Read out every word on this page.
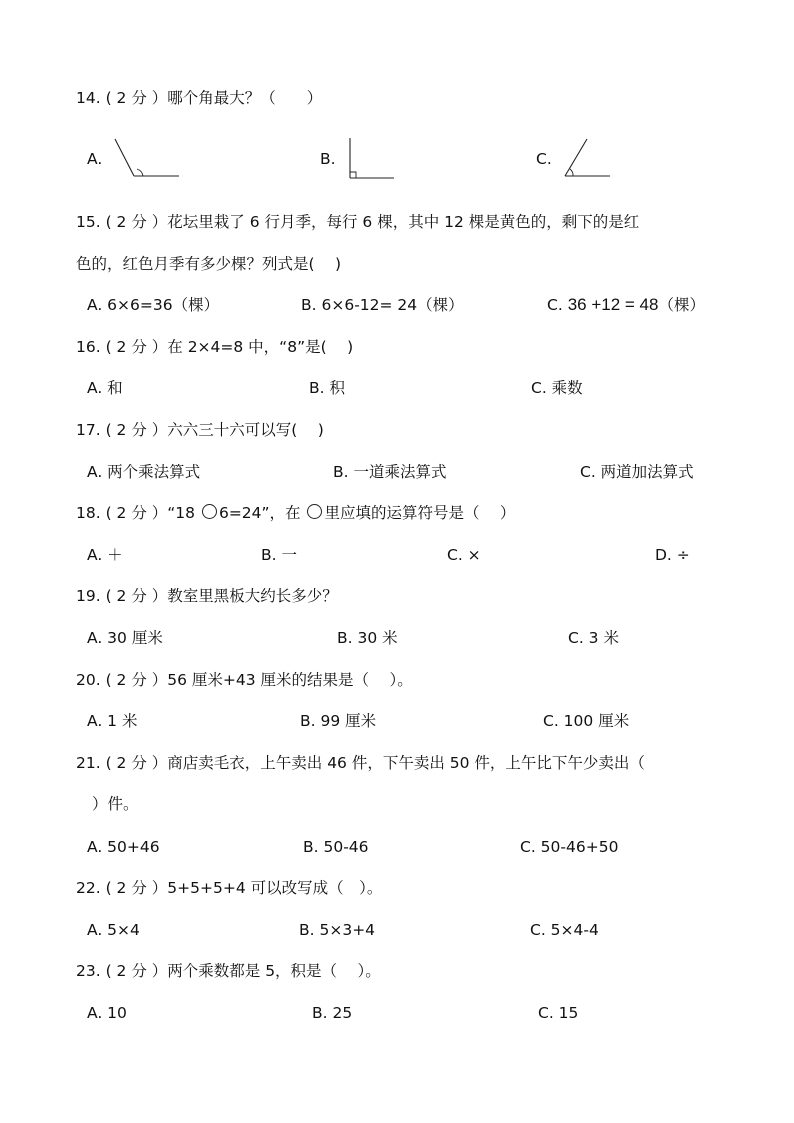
14. ( 2 分 ）哪个角最大？（　　）
A.	B.	C.
15. ( 2 分 ）花坛里栽了 6 行月季，每行 6 棵，其中 12 棵是黄色的，剩下的是红
色的，红色月季有多少棵？列式是(　 )
A. 6×6=36（棵）	B. 6×6-12= 24（棵）	C. 36 +12 = 48（棵）
16. ( 2 分 ）在 2×4=8 中，“8”是(　 )
A. 和	B. 积	C. 乘数
17. ( 2 分 ）六六三十六可以写(　 )
A. 两个乘法算式	B. 一道乘法算式	C. 两道加法算式
18. ( 2 分 ）“18 6=24”，在 里应填的运算符号是（　 ）
A. ＋	B. 一	C. ×	D. ÷
19. ( 2 分 ）教室里黑板大约长多少？
A. 30 厘米	B. 30 米	C. 3 米
20. ( 2 分 ）56 厘米+43 厘米的结果是（　 ）。
A. 1 米	B. 99 厘米	C. 100 厘米
21. ( 2 分 ）商店卖毛衣，上午卖出 46 件，下午卖出 50 件，上午比下午少卖出（
）件。
A. 50+46	B. 50-46	C. 50-46+50
22. ( 2 分 ）5+5+5+4 可以改写成（　）。
A. 5×4	B. 5×3+4	C. 5×4-4
23. ( 2 分 ）两个乘数都是 5，积是（　 ）。
A. 10	B. 25	C. 15
